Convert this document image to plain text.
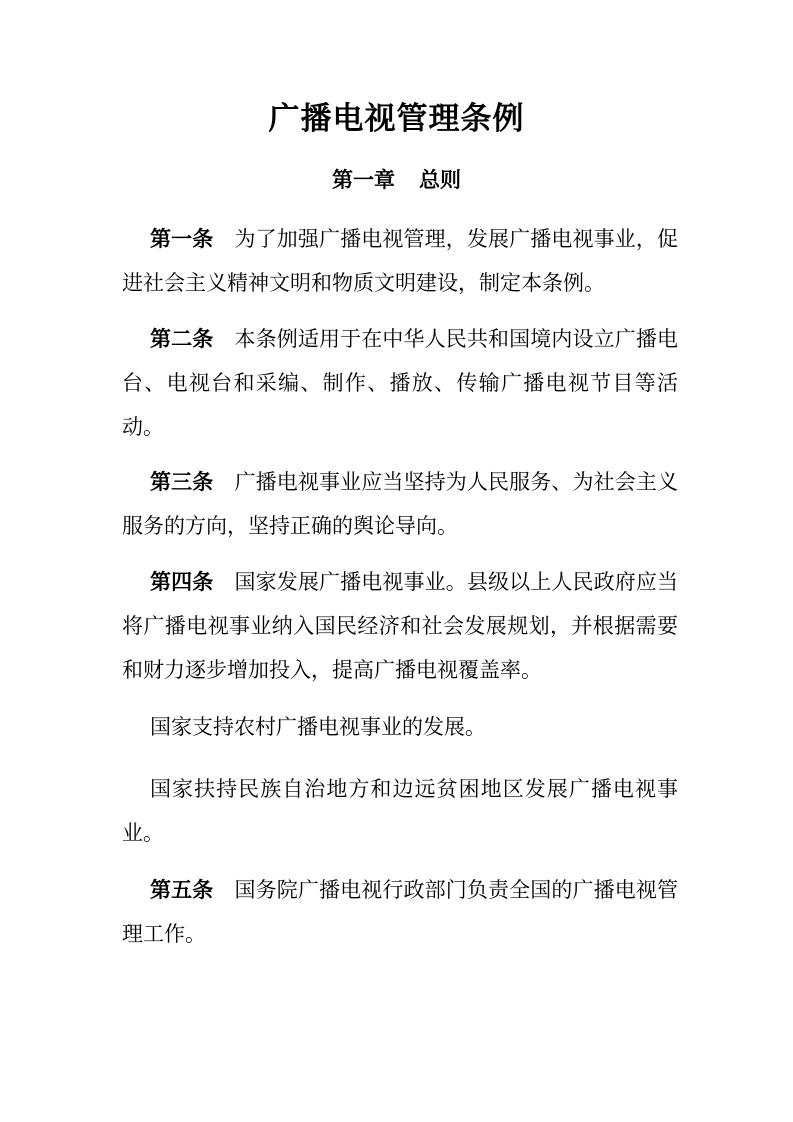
广播电视管理条例
第一章 总则

第一条 为了加强广播电视管理，发展广播电视事业，促进社会主义精神文明和物质文明建设，制定本条例。

第二条 本条例适用于在中华人民共和国境内设立广播电台、电视台和采编、制作、播放、传输广播电视节目等活动。

第三条 广播电视事业应当坚持为人民服务、为社会主义服务的方向，坚持正确的舆论导向。

第四条 国家发展广播电视事业。县级以上人民政府应当将广播电视事业纳入国民经济和社会发展规划，并根据需要和财力逐步增加投入，提高广播电视覆盖率。

国家支持农村广播电视事业的发展。

国家扶持民族自治地方和边远贫困地区发展广播电视事业。

第五条 国务院广播电视行政部门负责全国的广播电视管理工作。
